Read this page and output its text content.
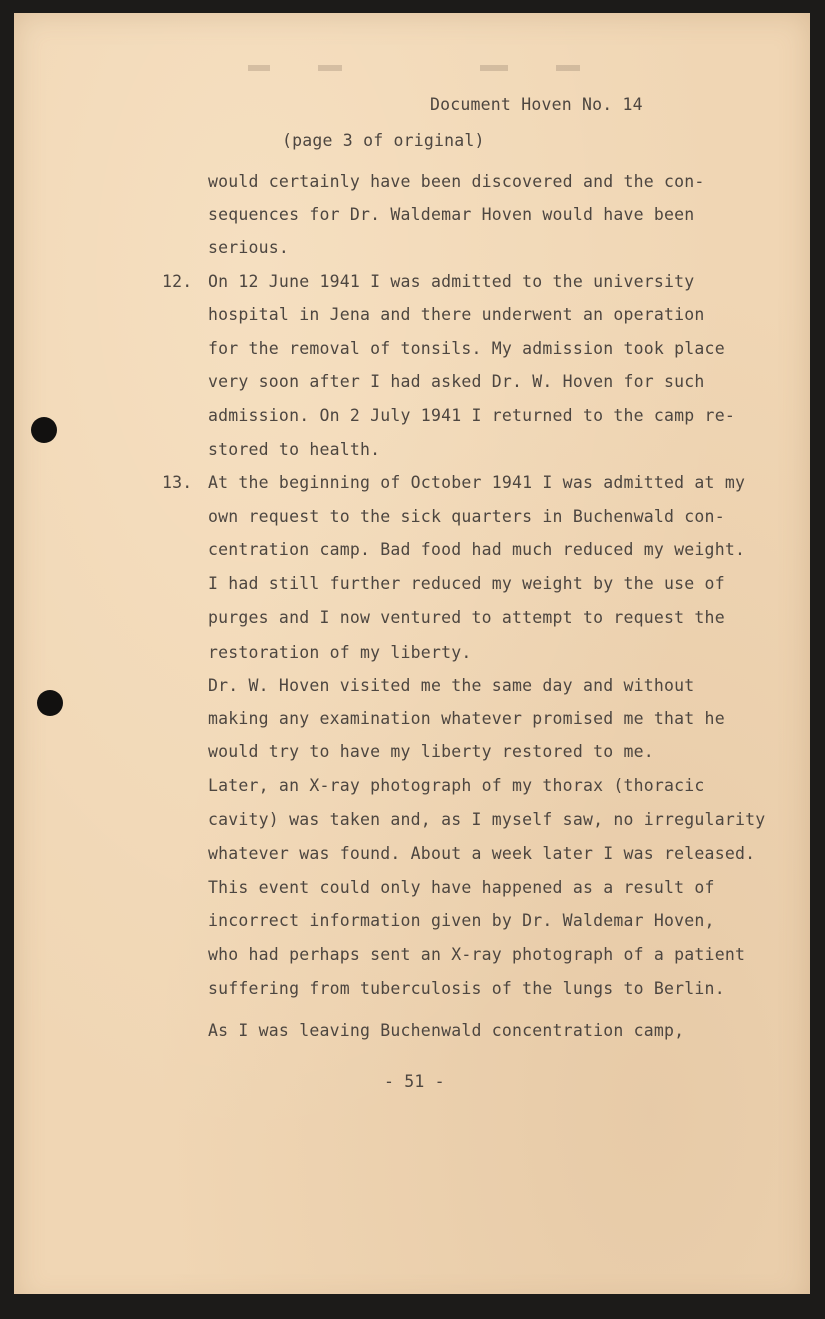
Document Hoven No. 14
(page 3 of original)
would certainly have been discovered and the con-
sequences for Dr. Waldemar Hoven would have been
serious.
12. On 12 June 1941 I was admitted to the university
hospital in Jena and there underwent an operation
for the removal of tonsils. My admission took place
very soon after I had asked Dr. W. Hoven for such
admission. On 2 July 1941 I returned to the camp re-
stored to health.
13. At the beginning of October 1941 I was admitted at my
own request to the sick quarters in Buchenwald con-
centration camp. Bad food had much reduced my weight.
I had still further reduced my weight by the use of
purges and I now ventured to attempt to request the
restoration of my liberty.
Dr. W. Hoven visited me the same day and without
making any examination whatever promised me that he
would try to have my liberty restored to me.
Later, an X-ray photograph of my thorax (thoracic
cavity) was taken and, as I myself saw, no irregularity
whatever was found. About a week later I was released.
This event could only have happened as a result of
incorrect information given by Dr. Waldemar Hoven,
who had perhaps sent an X-ray photograph of a patient
suffering from tuberculosis of the lungs to Berlin.
As I was leaving Buchenwald concentration camp,
- 51 -
